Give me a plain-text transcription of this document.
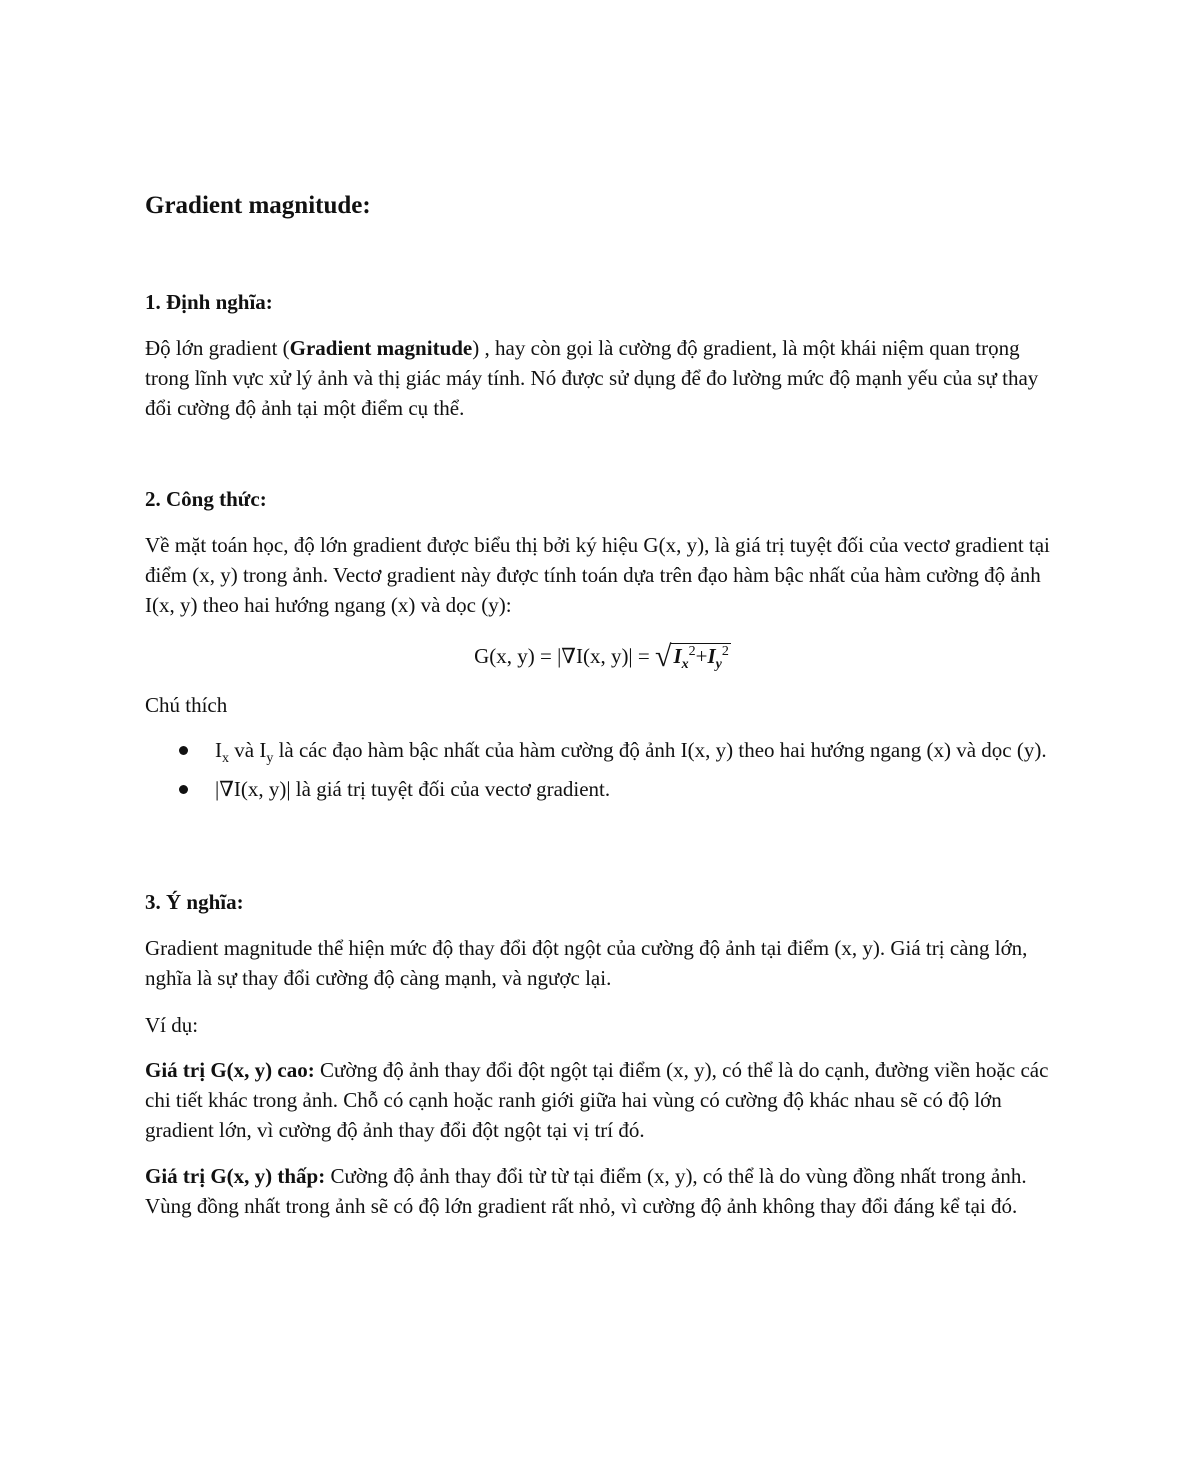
Gradient magnitude:
1. Định nghĩa:

Độ lớn gradient (Gradient magnitude) , hay còn gọi là cường độ gradient, là một khái niệm quan trọng trong lĩnh vực xử lý ảnh và thị giác máy tính. Nó được sử dụng để đo lường mức độ mạnh yếu của sự thay đổi cường độ ảnh tại một điểm cụ thể.

2. Công thức:

Về mặt toán học, độ lớn gradient được biểu thị bởi ký hiệu G(x, y), là giá trị tuyệt đối của vectơ gradient tại điểm (x, y) trong ảnh. Vectơ gradient này được tính toán dựa trên đạo hàm bậc nhất của hàm cường độ ảnh I(x, y) theo hai hướng ngang (x) và dọc (y):

G(x, y) = |∇I(x, $y)| = √I_x^2+I_y^2$

Chú thích

$I_x$ và $I_y$ là các đạo hàm bậc nhất của hàm cường độ ảnh I(x, y) theo hai hướng ngang (x) và dọc (y).
|∇I(x, y)| là giá trị tuyệt đối của vectơ gradient.
3. Ý nghĩa:

Gradient magnitude thể hiện mức độ thay đổi đột ngột của cường độ ảnh tại điểm (x, y). Giá trị càng lớn, nghĩa là sự thay đổi cường độ càng mạnh, và ngược lại.

Ví dụ:

Giá trị G(x, y) cao: Cường độ ảnh thay đổi đột ngột tại điểm (x, y), có thể là do cạnh, đường viền hoặc các chi tiết khác trong ảnh. Chỗ có cạnh hoặc ranh giới giữa hai vùng có cường độ khác nhau sẽ có độ lớn gradient lớn, vì cường độ ảnh thay đổi đột ngột tại vị trí đó.

Giá trị G(x, y) thấp: Cường độ ảnh thay đổi từ từ tại điểm (x, y), có thể là do vùng đồng nhất trong ảnh. Vùng đồng nhất trong ảnh sẽ có độ lớn gradient rất nhỏ, vì cường độ ảnh không thay đổi đáng kể tại đó.
